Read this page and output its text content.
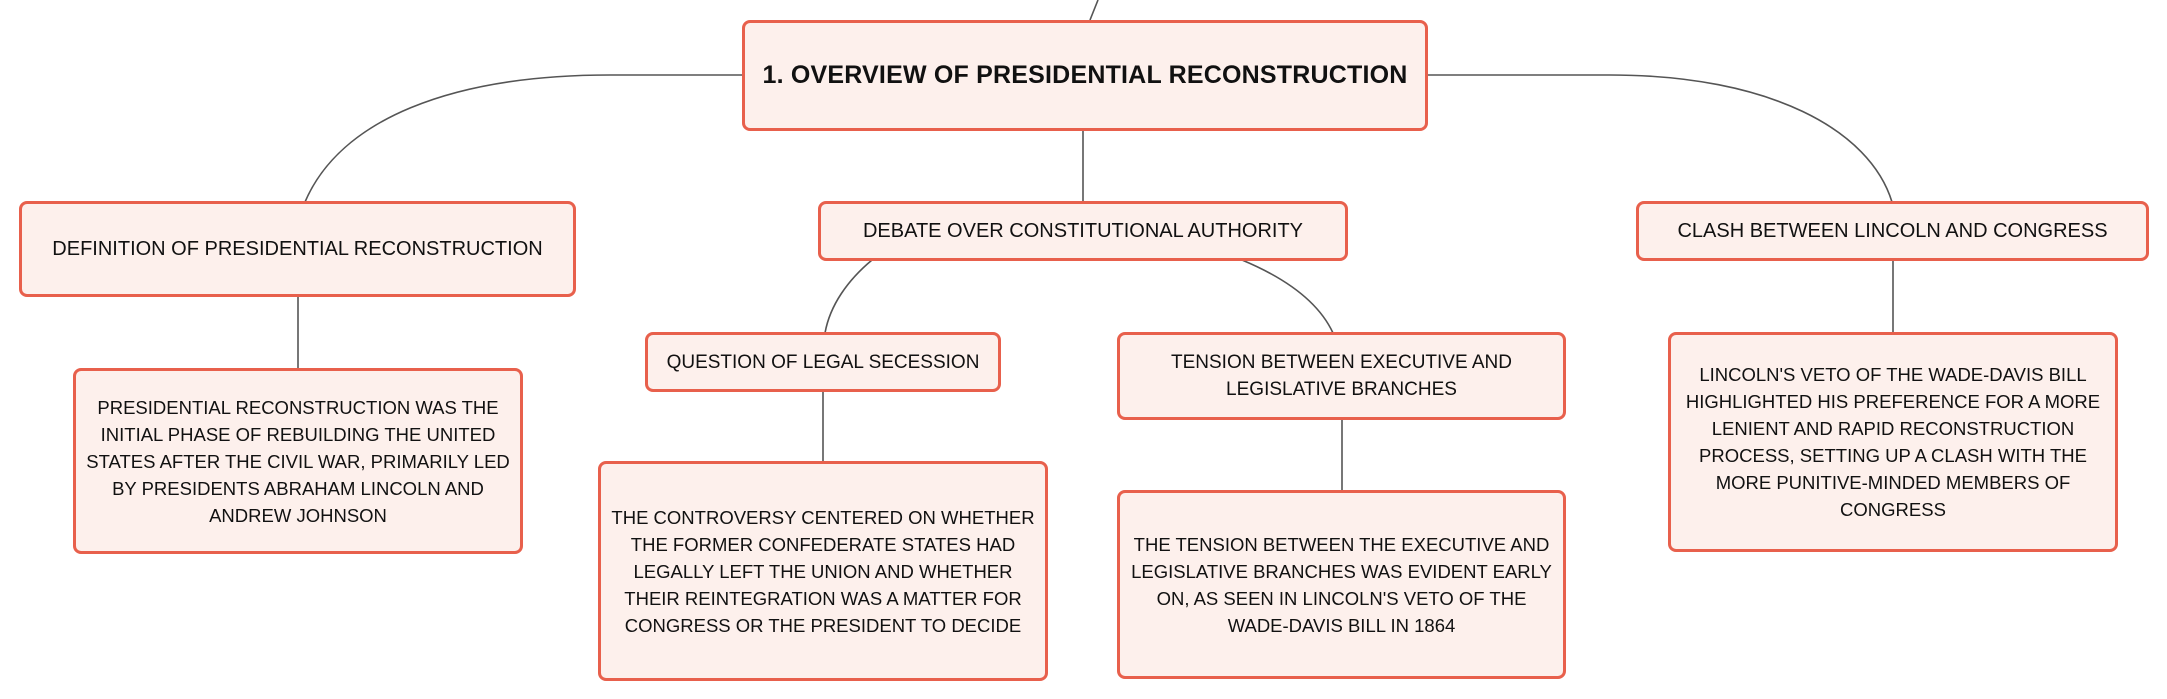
1. OVERVIEW OF PRESIDENTIAL RECONSTRUCTION
DEFINITION OF PRESIDENTIAL RECONSTRUCTION
DEBATE OVER CONSTITUTIONAL AUTHORITY	CLASH BETWEEN LINCOLN AND CONGRESS
PRESIDENTIAL RECONSTRUCTION WAS THE INITIAL PHASE OF REBUILDING THE UNITED STATES AFTER THE CIVIL WAR, PRIMARILY LED BY PRESIDENTS ABRAHAM LINCOLN AND ANDREW JOHNSON
QUESTION OF LEGAL SECESSION	TENSION BETWEEN EXECUTIVE AND LEGISLATIVE BRANCHES
THE CONTROVERSY CENTERED ON WHETHER THE FORMER CONFEDERATE STATES HAD LEGALLY LEFT THE UNION AND WHETHER THEIR REINTEGRATION WAS A MATTER FOR CONGRESS OR THE PRESIDENT TO DECIDE
THE TENSION BETWEEN THE EXECUTIVE AND LEGISLATIVE BRANCHES WAS EVIDENT EARLY ON, AS SEEN IN LINCOLN'S VETO OF THE WADE-DAVIS BILL IN 1864
LINCOLN'S VETO OF THE WADE-DAVIS BILL HIGHLIGHTED HIS PREFERENCE FOR A MORE LENIENT AND RAPID RECONSTRUCTION PROCESS, SETTING UP A CLASH WITH THE MORE PUNITIVE-MINDED MEMBERS OF CONGRESS
